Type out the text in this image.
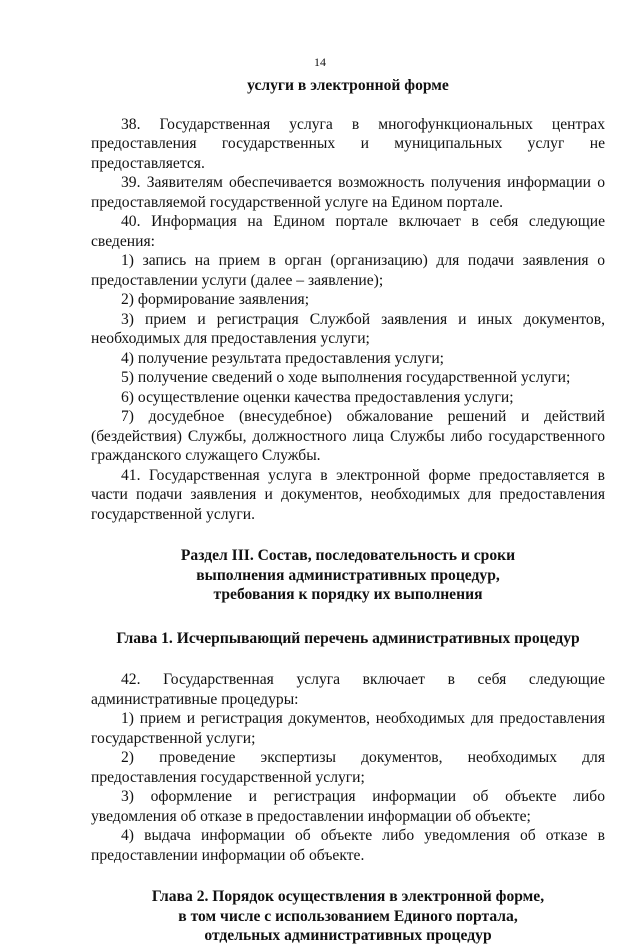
14

услуги в электронной форме

38. Государственная услуга в многофункциональных центрах
предоставления государственных и муниципальных услуг не
предоставляется.

39. Заявителям обеспечивается возможность получения информации о предоставляемой государственной услуге на Едином портале.

40. Информация на Едином портале включает в себя следующие сведения:

1) запись на прием в орган (организацию) для подачи заявления о предоставлении услуги (далее – заявление);

2) формирование заявления;

3) прием и регистрация Службой заявления и иных документов, необходимых для предоставления услуги;

4) получение результата предоставления услуги;

5) получение сведений о ходе выполнения государственной услуги;

6) осуществление оценки качества предоставления услуги;

7) досудебное (внесудебное) обжалование решений и действий (бездействия) Службы, должностного лица Службы либо государственного гражданского служащего Службы.

41. Государственная услуга в электронной форме предоставляется в части подачи заявления и документов, необходимых для предоставления государственной услуги.

Раздел III. Состав, последовательность и сроки
выполнения административных процедур,
требования к порядку их выполнения

Глава 1. Исчерпывающий перечень административных процедур

42. Государственная услуга включает в себя следующие
административные процедуры:

1) прием и регистрация документов, необходимых для предоставления государственной услуги;

2) проведение экспертизы документов, необходимых для предоставления государственной услуги;

3) оформление и регистрация информации об объекте либо уведомления об отказе в предоставлении информации об объекте;

4) выдача информации об объекте либо уведомления об отказе в предоставлении информации об объекте.

Глава 2. Порядок осуществления в электронной форме,
в том числе с использованием Единого портала,
отдельных административных процедур
